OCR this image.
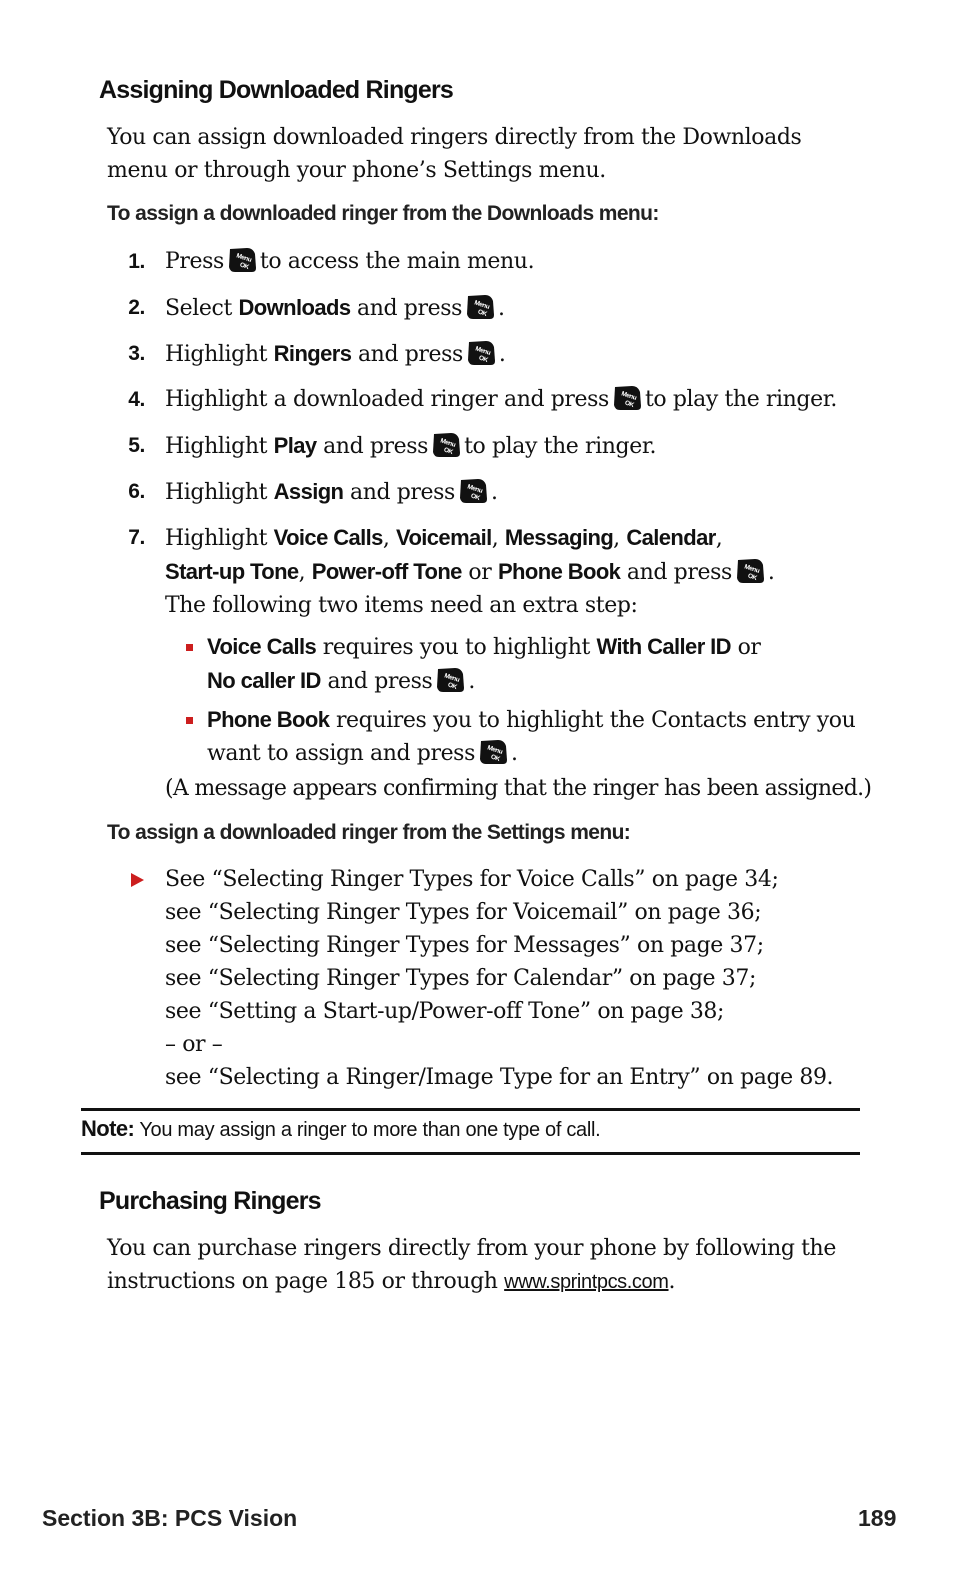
Assigning Downloaded Ringers
You can assign downloaded ringers directly from the Downloads
menu or through your phone’s Settings menu.
To assign a downloaded ringer from the Downloads menu:
1. Press to access the main menu.
2. Select Downloads and press .
3. Highlight Ringers and press .
4. Highlight a downloaded ringer and press to play the ringer.
5. Highlight Play and press to play the ringer.
6. Highlight Assign and press .
7. Highlight Voice Calls, Voicemail, Messaging, Calendar,
Start-up Tone, Power-off Tone or Phone Book and press .
The following two items need an extra step:
Voice Calls requires you to highlight With Caller ID or
No caller ID and press .
Phone Book requires you to highlight the Contacts entry you
want to assign and press .
(A message appears confirming that the ringer has been assigned.)
To assign a downloaded ringer from the Settings menu:
See “Selecting Ringer Types for Voice Calls” on page 34;
see “Selecting Ringer Types for Voicemail” on page 36;
see “Selecting Ringer Types for Messages” on page 37;
see “Selecting Ringer Types for Calendar” on page 37;
see “Setting a Start-up/Power-off Tone” on page 38;
– or –
see “Selecting a Ringer/Image Type for an Entry” on page 89.
Note: You may assign a ringer to more than one type of call.
Purchasing Ringers
You can purchase ringers directly from your phone by following the
instructions on page 185 or through www.sprintpcs.com.
Section 3B: PCS Vision	189
